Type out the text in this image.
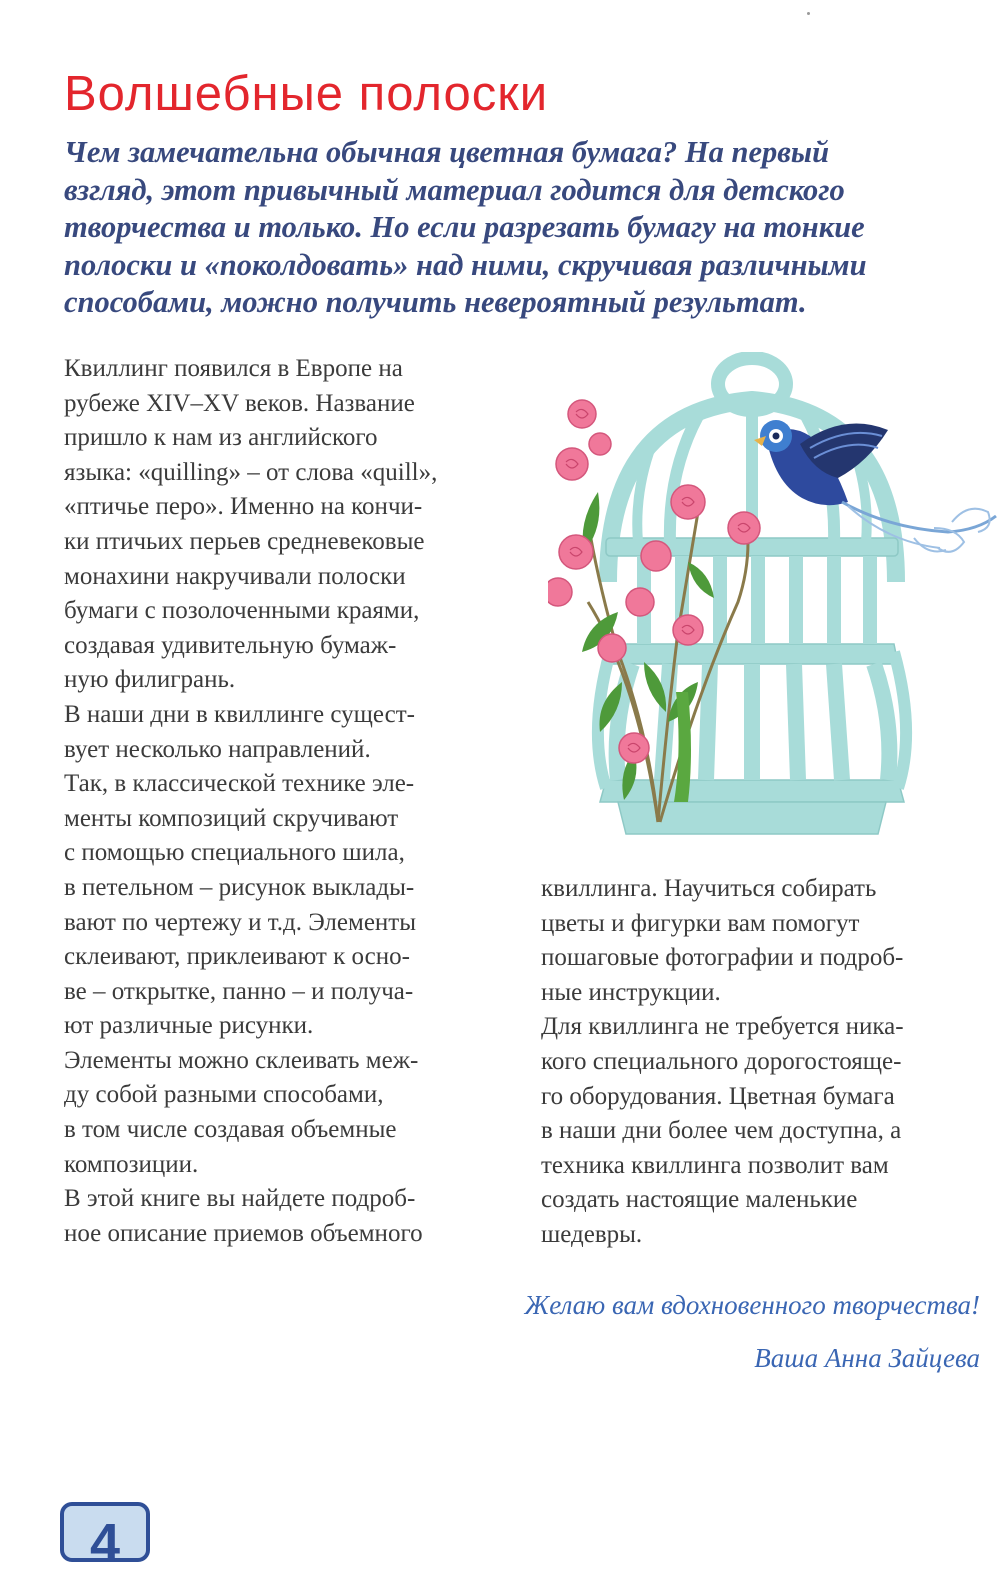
Волшебные полоски
Чем замечательна обычная цветная бумага? На первый
взгляд, этот привычный материал годится для детского
творчества и только. Но если разрезать бумагу на тонкие
полоски и «поколдовать» над ними, скручивая различными
способами, можно получить невероятный результат.
Квиллинг появился в Европе на
рубеже XIV–XV веков. Название
пришло к нам из английского
языка: «quilling» – от слова «quill»,
«птичье перо». Именно на кончи-
ки птичьих перьев средневековые
монахини накручивали полоски
бумаги с позолоченными краями,
создавая удивительную бумаж-
ную филигрань.
В наши дни в квиллинге сущест-
вует несколько направлений.
Так, в классической технике эле-
менты композиций скручивают
с помощью специального шила,
в петельном – рисунок выклады-
вают по чертежу и т.д. Элементы
склеивают, приклеивают к осно-
ве – открытке, панно – и получа-
ют различные рисунки.
Элементы можно склеивать меж-
ду собой разными способами,
в том числе создавая объемные
композиции.
В этой книге вы найдете подроб-
ное описание приемов объемного
квиллинга. Научиться собирать
цветы и фигурки вам помогут
пошаговые фотографии и подроб-
ные инструкции.
Для квиллинга не требуется ника-
кого специального дорогостояще-
го оборудования. Цветная бумага
в наши дни более чем доступна, а
техника квиллинга позволит вам
создать настоящие маленькие
шедевры.
Желаю вам вдохновенного творчества!
Ваша Анна Зайцева
4
